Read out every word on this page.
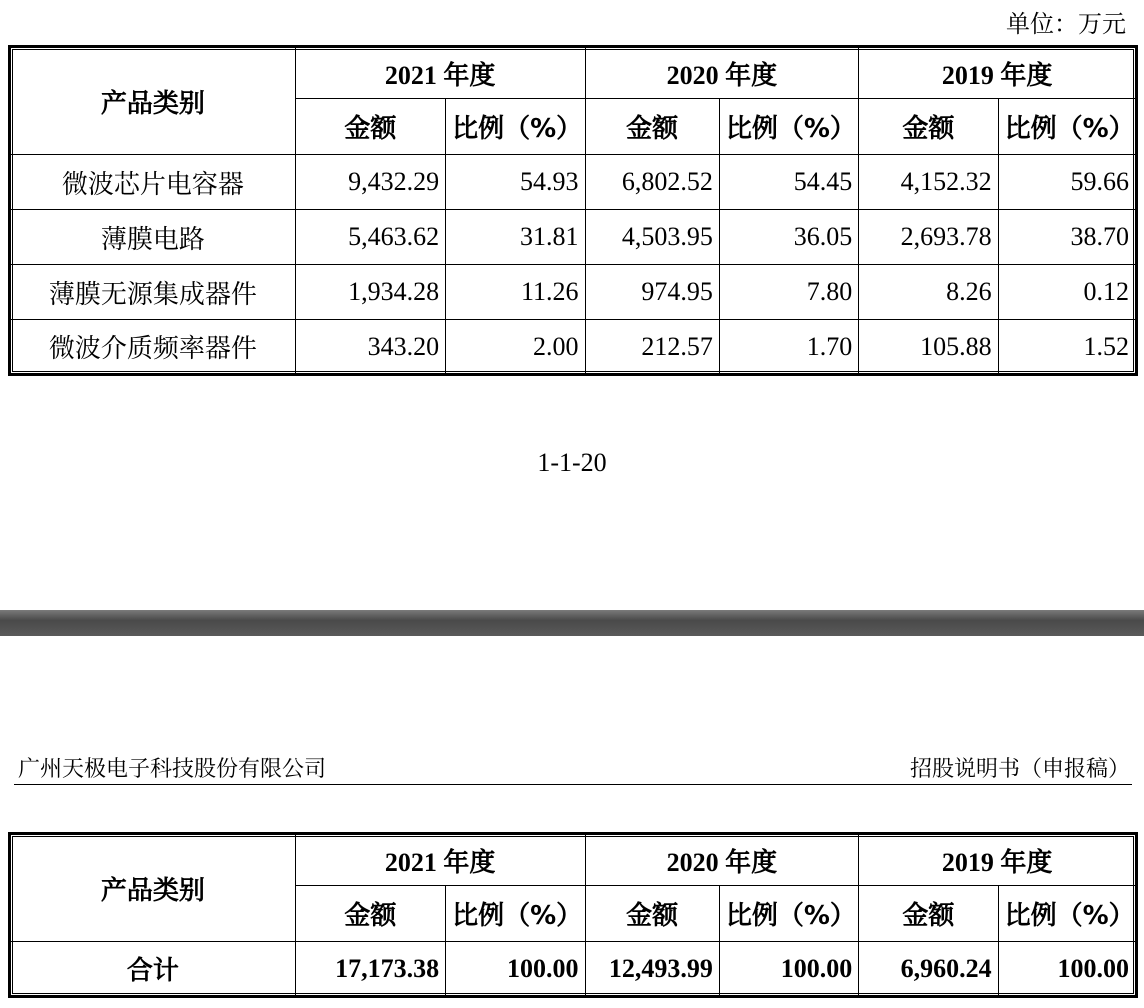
单位：万元
产品类别	2021 年度		2020 年度		2019 年度	
	金额	比例（%）	金额	比例（%）	金额	比例（%）
微波芯片电容器	9,432.29	54.93	6,802.52	54.45	4,152.32	59.66
薄膜电路	5,463.62	31.81	4,503.95	36.05	2,693.78	38.70
薄膜无源集成器件	1,934.28	11.26	974.95	7.80	8.26	0.12
微波介质频率器件	343.20	2.00	212.57	1.70	105.88	1.52
1-1-20
广州天极电子科技股份有限公司	招股说明书（申报稿）
产品类别	2021 年度		2020 年度		2019 年度	
	金额	比例（%）	金额	比例（%）	金额	比例（%）
合计	17,173.38	100.00	12,493.99	100.00	6,960.24	100.00
